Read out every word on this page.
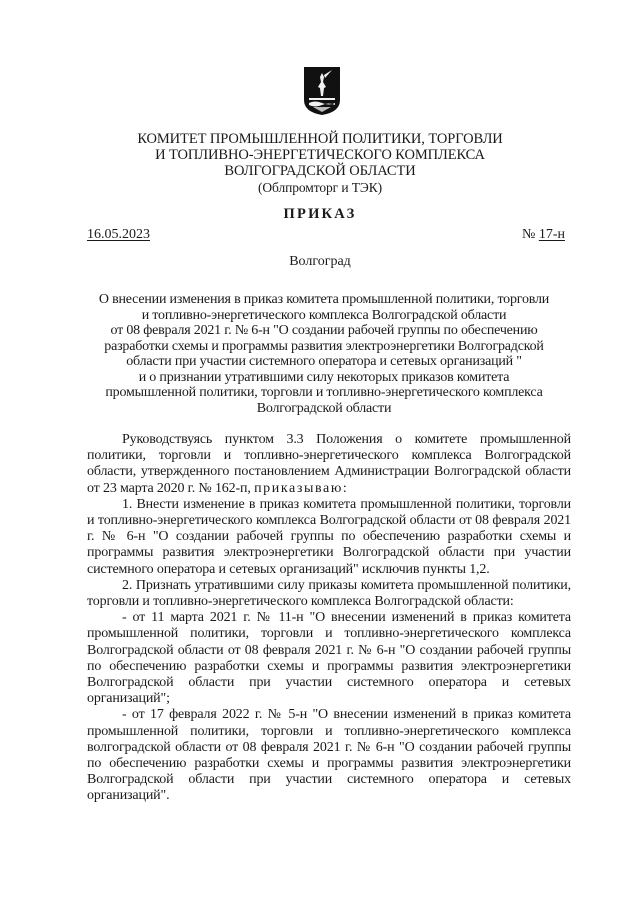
КОМИТЕТ ПРОМЫШЛЕННОЙ ПОЛИТИКИ, ТОРГОВЛИ
И ТОПЛИВНО-ЭНЕРГЕТИЧЕСКОГО КОМПЛЕКСА
ВОЛГОГРАДСКОЙ ОБЛАСТИ
(Облпромторг и ТЭК)
ПРИКАЗ
16.05.2023	№ 17-н
Волгоград
О внесении изменения в приказ комитета промышленной политики, торговли
и топливно-энергетического комплекса Волгоградской области
от 08 февраля 2021 г. № 6-н "О создании рабочей группы по обеспечению
разработки схемы и программы развития электроэнергетики Волгоградской
области при участии системного оператора и сетевых организаций "
и о признании утратившими силу некоторых приказов комитета
промышленной политики, торговли и топливно-энергетического комплекса
Волгоградской области

Руководствуясь пунктом 3.3 Положения о комитете промышленной политики, торговли и топливно-энергетического комплекса Волгоградской области, утвержденного постановлением Администрации Волгоградской области от 23 марта 2020 г. № 162-п, приказываю:

1. Внести изменение в приказ комитета промышленной политики, торговли и топливно-энергетического комплекса Волгоградской области от 08 февраля 2021 г. № 6-н "О создании рабочей группы по обеспечению разработки схемы и программы развития электроэнергетики Волгоградской области при участии системного оператора и сетевых организаций" исключив пункты 1,2.

2. Признать утратившими силу приказы комитета промышленной политики, торговли и топливно-энергетического комплекса Волгоградской области:

- от 11 марта 2021 г. № 11-н "О внесении изменений в приказ комитета промышленной политики, торговли и топливно-энергетического комплекса Волгоградской области от 08 февраля 2021 г. № 6-н "О создании рабочей группы по обеспечению разработки схемы и программы развития электроэнергетики Волгоградской области при участии системного оператора и сетевых организаций";

- от 17 февраля 2022 г. № 5-н "О внесении изменений в приказ комитета промышленной политики, торговли и топливно-энергетического комплекса волгоградской области от 08 февраля 2021 г. № 6-н "О создании рабочей группы по обеспечению разработки схемы и программы развития электроэнергетики Волгоградской области при участии системного оператора и сетевых организаций".
